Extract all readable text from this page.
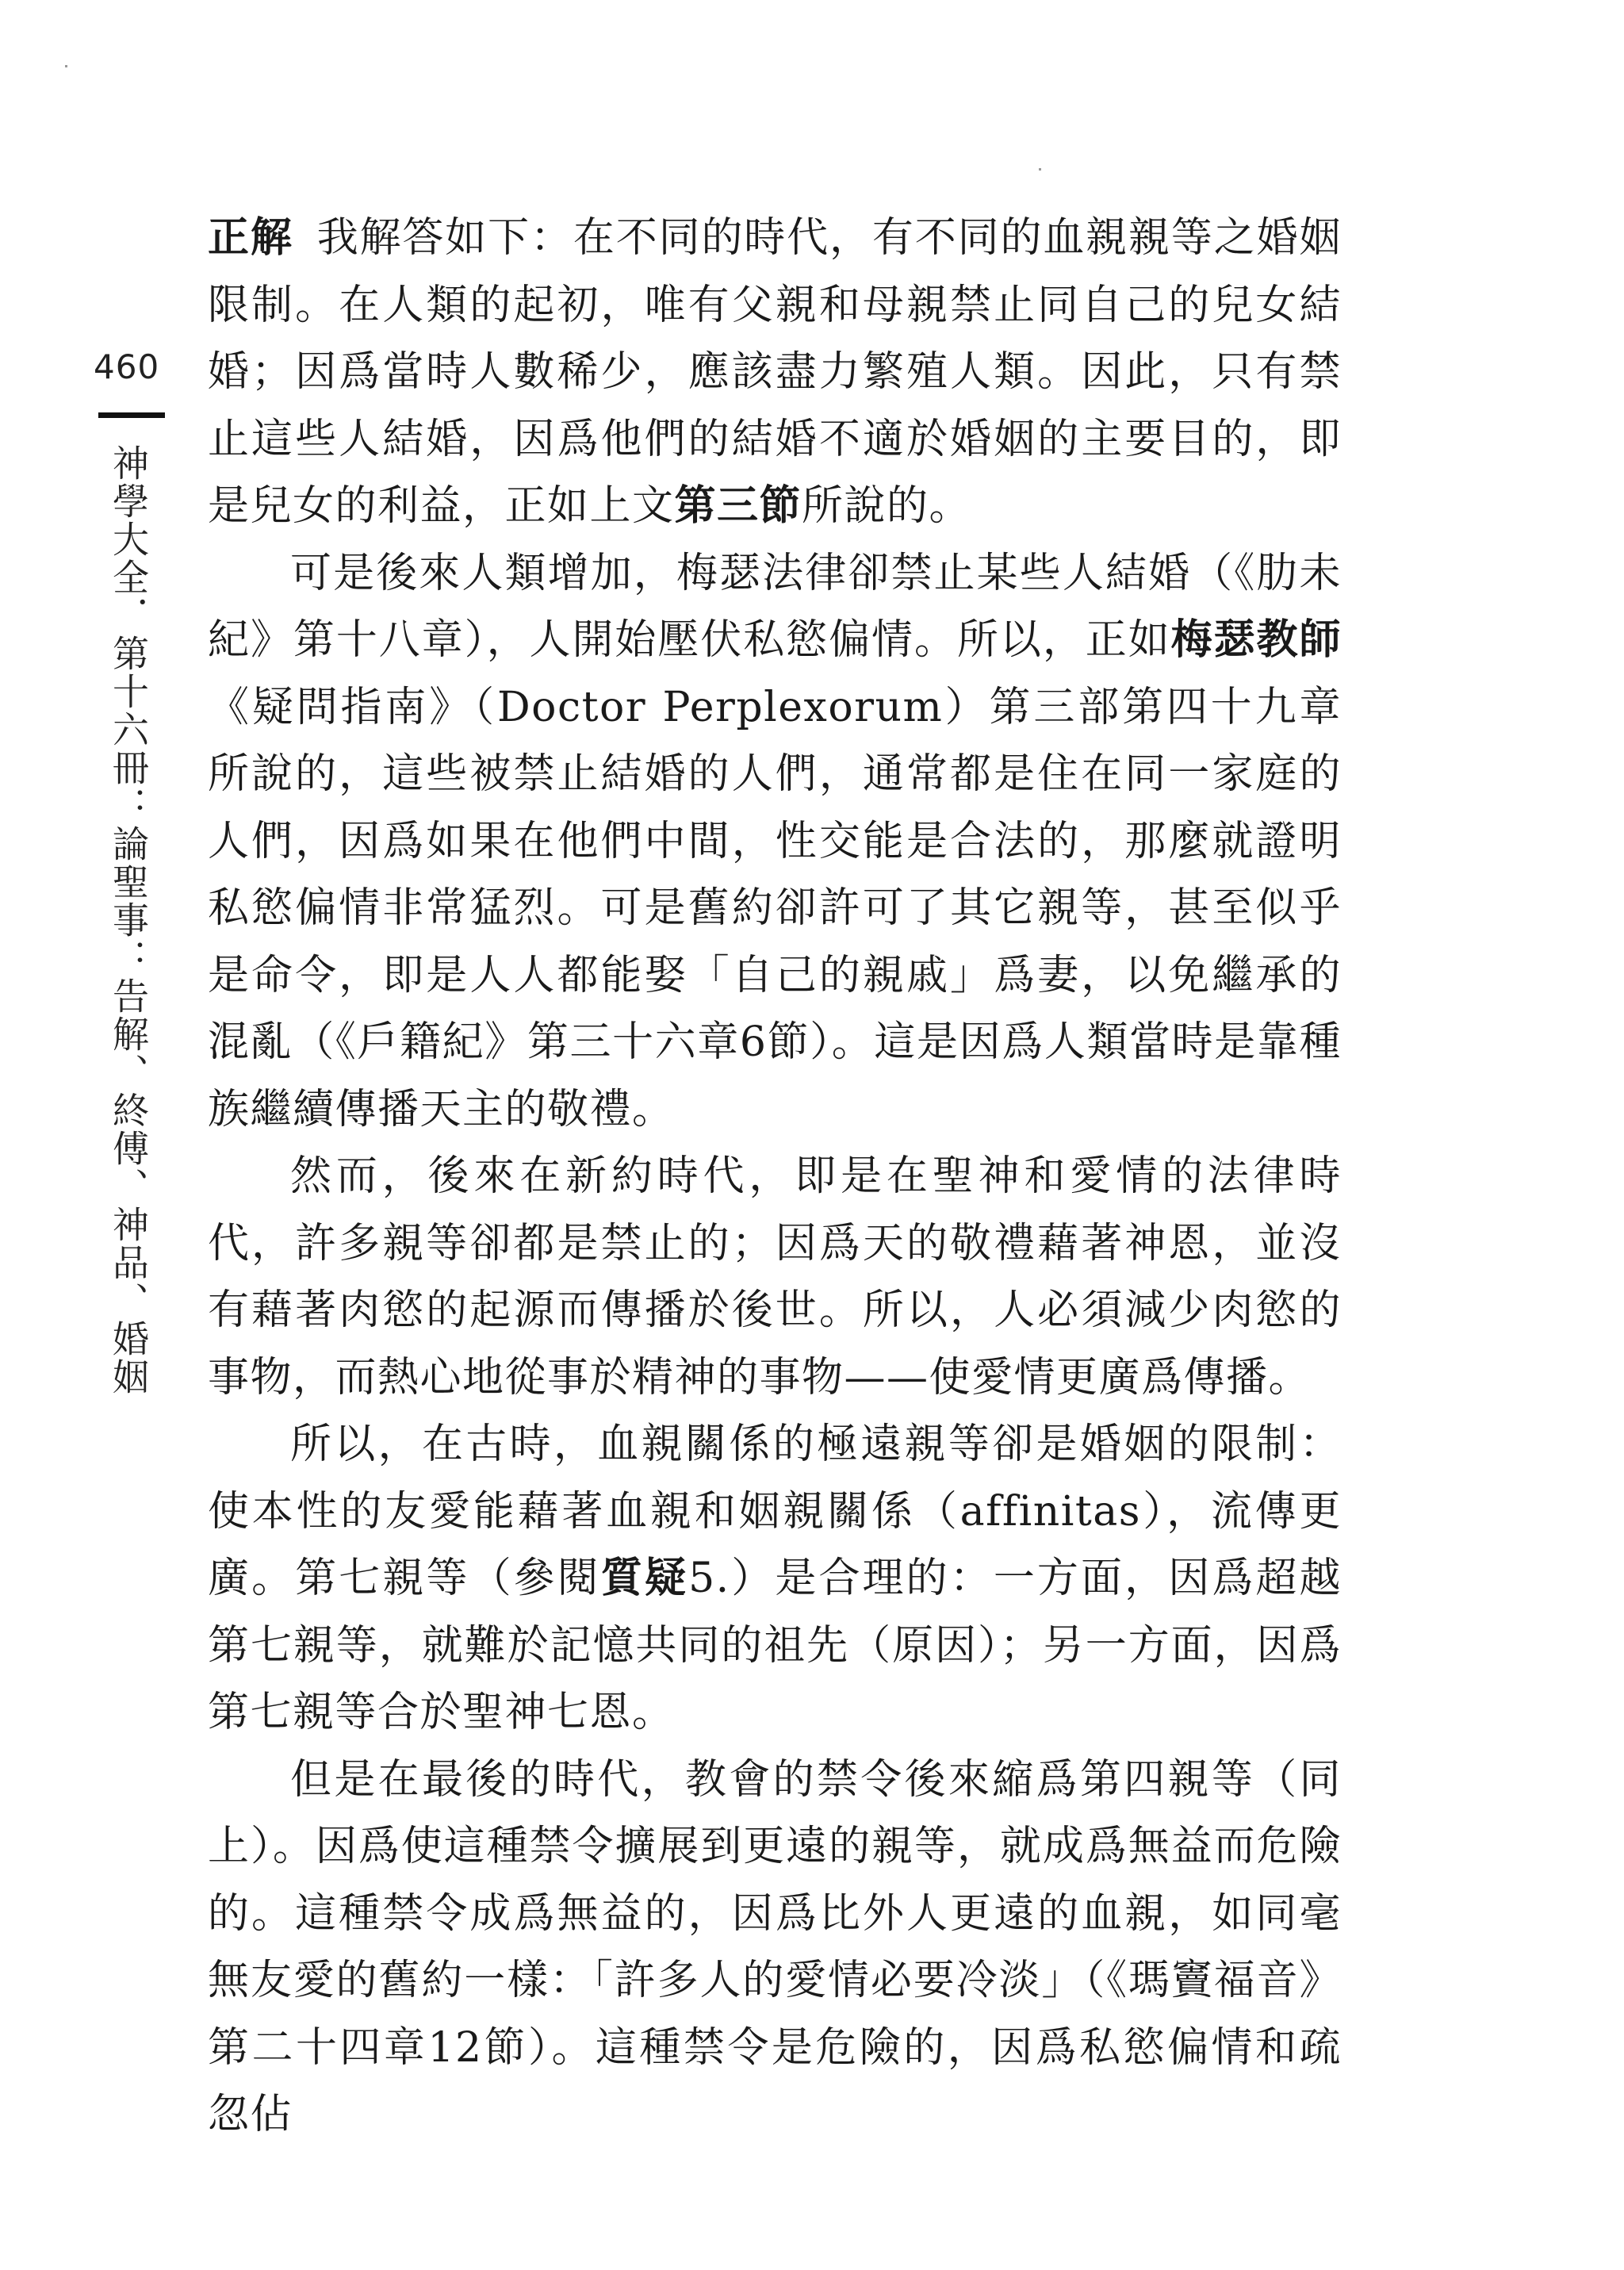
460
神學大全．第十六冊：論聖事：告解、終傅、神品、婚姻

正解 我解答如下：在不同的時代，有不同的血親親等之婚姻限制。在人類的起初，唯有父親和母親禁止同自己的兒女結婚；因爲當時人數稀少，應該盡力繁殖人類。因此，只有禁止這些人結婚，因爲他們的結婚不適於婚姻的主要目的，即是兒女的利益，正如上文第三節所說的。

可是後來人類增加，梅瑟法律卻禁止某些人結婚（《肋未紀》第十八章），人開始壓伏私慾偏情。所以，正如梅瑟教師《疑問指南》（Doctor Perplexorum）第三部第四十九章所說的，這些被禁止結婚的人們，通常都是住在同一家庭的人們，因爲如果在他們中間，性交能是合法的，那麼就證明私慾偏情非常猛烈。可是舊約卻許可了其它親等，甚至似乎是命令，即是人人都能娶「自己的親戚」爲妻，以免繼承的混亂（《戶籍紀》第三十六章6節）。這是因爲人類當時是靠種族繼續傳播天主的敬禮。

然而，後來在新約時代，即是在聖神和愛情的法律時代，許多親等卻都是禁止的；因爲天的敬禮藉著神恩，並沒有藉著肉慾的起源而傳播於後世。所以，人必須減少肉慾的事物，而熱心地從事於精神的事物——使愛情更廣爲傳播。

所以，在古時，血親關係的極遠親等卻是婚姻的限制：使本性的友愛能藉著血親和姻親關係（affinitas），流傳更廣。第七親等（參閱質疑5.）是合理的：一方面，因爲超越第七親等，就難於記憶共同的祖先（原因）；另一方面，因爲第七親等合於聖神七恩。

但是在最後的時代，教會的禁令後來縮爲第四親等（同上）。因爲使這種禁令擴展到更遠的親等，就成爲無益而危險的。這種禁令成爲無益的，因爲比外人更遠的血親，如同毫無友愛的舊約一樣：「許多人的愛情必要冷淡」（《瑪竇福音》第二十四章12節）。這種禁令是危險的，因爲私慾偏情和疏忽佔
